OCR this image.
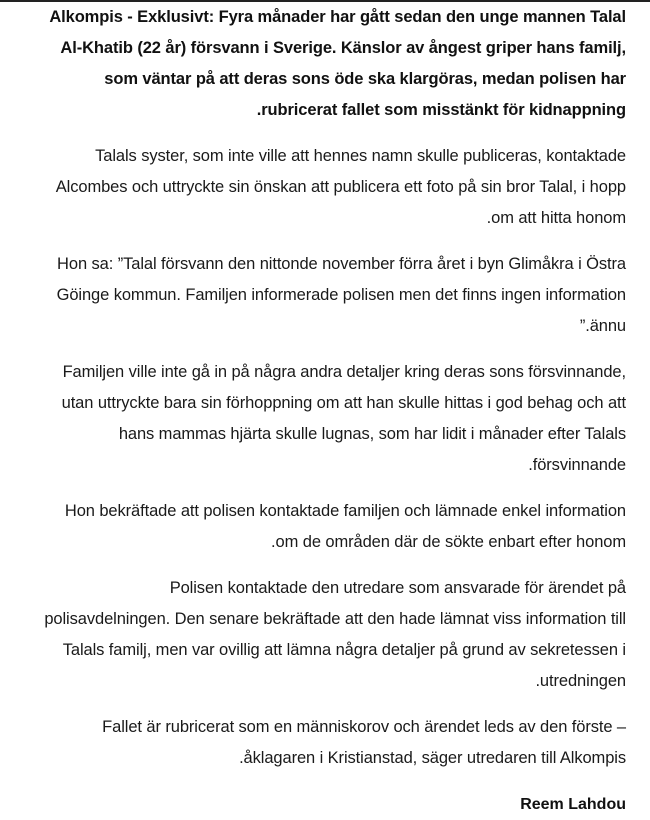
Alkompis - Exklusivt: Fyra månader har gått sedan den unge mannen Talal
Al-Khatib (22 år) försvann i Sverige. Känslor av ångest griper hans familj,
som väntar på att deras sons öde ska klargöras, medan polisen har
.rubricerat fallet som misstänkt för kidnappning

Talals syster, som inte ville att hennes namn skulle publiceras, kontaktade
Alcombes och uttryckte sin önskan att publicera ett foto på sin bror Talal, i hopp
.om att hitta honom

Hon sa: ”Talal försvann den nittonde november förra året i byn Glimåkra i Östra
Göinge kommun. Familjen informerade polisen men det finns ingen information
”.ännu

Familjen ville inte gå in på några andra detaljer kring deras sons försvinnande,
utan uttryckte bara sin förhoppning om att han skulle hittas i god behag och att
hans mammas hjärta skulle lugnas, som har lidit i månader efter Talals
.försvinnande

Hon bekräftade att polisen kontaktade familjen och lämnade enkel information
.om de områden där de sökte enbart efter honom

Polisen kontaktade den utredare som ansvarade för ärendet på
polisavdelningen. Den senare bekräftade att den hade lämnat viss information till
Talals familj, men var ovillig att lämna några detaljer på grund av sekretessen i
.utredningen

Fallet är rubricerat som en människorov och ärendet leds av den förste –
.åklagaren i Kristianstad, säger utredaren till Alkompis

Reem Lahdou
